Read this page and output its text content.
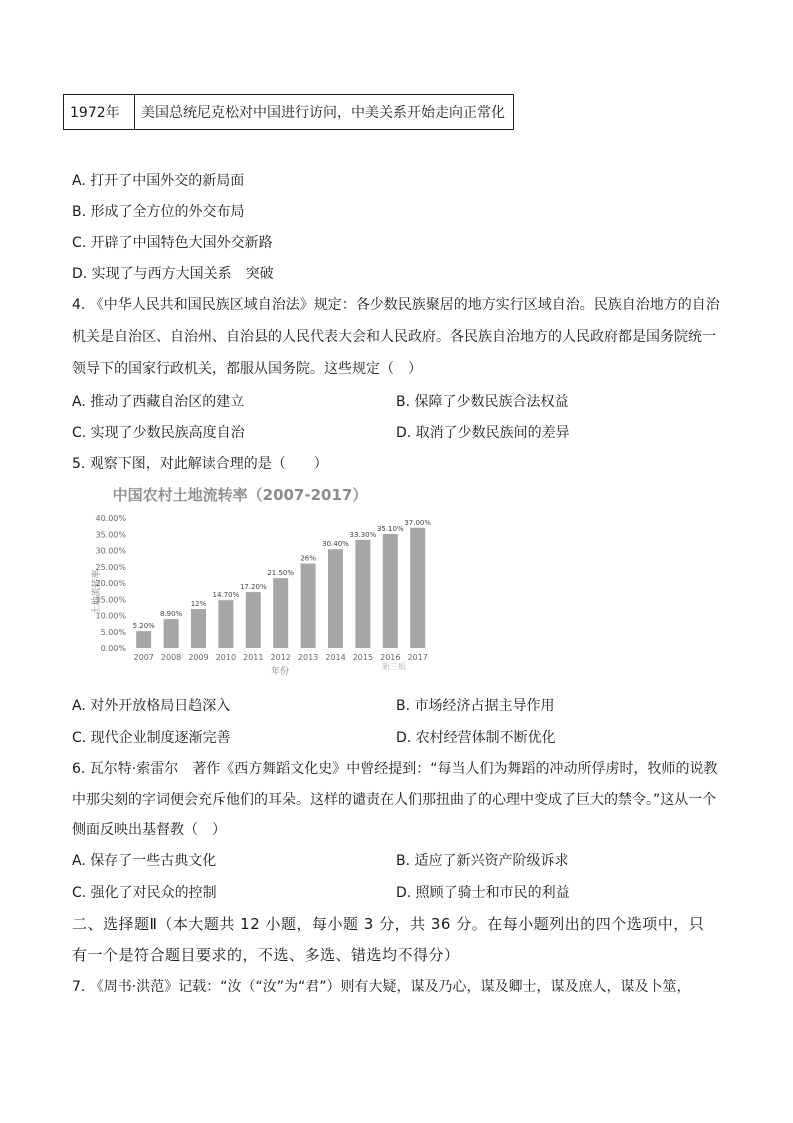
1972年	美国总统尼克松对中国进行访问，中美关系开始走向正常化
A. 打开了中国外交的新局面
B. 形成了全方位的外交布局
C. 开辟了中国特色大国外交新路
D. 实现了与西方大国关系　突破
4. 《中华人民共和国民族区域自治法》规定：各少数民族聚居的地方实行区域自治。民族自治地方的自治
机关是自治区、自治州、自治县的人民代表大会和人民政府。各民族自治地方的人民政府都是国务院统一
领导下的国家行政机关，都服从国务院。这些规定（　）
A. 推动了西藏自治区的建立	B. 保障了少数民族合法权益
C. 实现了少数民族高度自治	D. 取消了少数民族间的差异
5. 观察下图，对此解读合理的是（　　）
中国农村土地流转率（2007-2017）
土地流转率
年份
新三板
0.00%
5.00%
10.00%
15.00%
20.00%
25.00%
30.00%
35.00%
40.00%
5.20%
8.90%
12%
14.70%
17.20%
21.50%
26%
30.40%
33.30%
35.10%
37.00%
2007 2008 2009 2010 2011 2012 2013 2014 2015 2016 2017
A. 对外开放格局日趋深入	B. 市场经济占据主导作用
C. 现代企业制度逐渐完善	D. 农村经营体制不断优化
6. 瓦尔特·索雷尔　著作《西方舞蹈文化史》中曾经提到：“每当人们为舞蹈的冲动所俘虏时，牧师的说教
中那尖刻的字词便会充斥他们的耳朵。这样的谴责在人们那扭曲了的心理中变成了巨大的禁令。”这从一个
侧面反映出基督教（　）
A. 保存了一些古典文化	B. 适应了新兴资产阶级诉求
C. 强化了对民众的控制	D. 照顾了骑士和市民的利益
二、选择题Ⅱ（本大题共 12 小题，每小题 3 分，共 36 分。在每小题列出的四个选项中，只
有一个是符合题目要求的，不选、多选、错选均不得分）
7. 《周书·洪范》记载：“汝（“汝”为“君”）则有大疑，谋及乃心，谋及卿士，谋及庶人，谋及卜筮，
